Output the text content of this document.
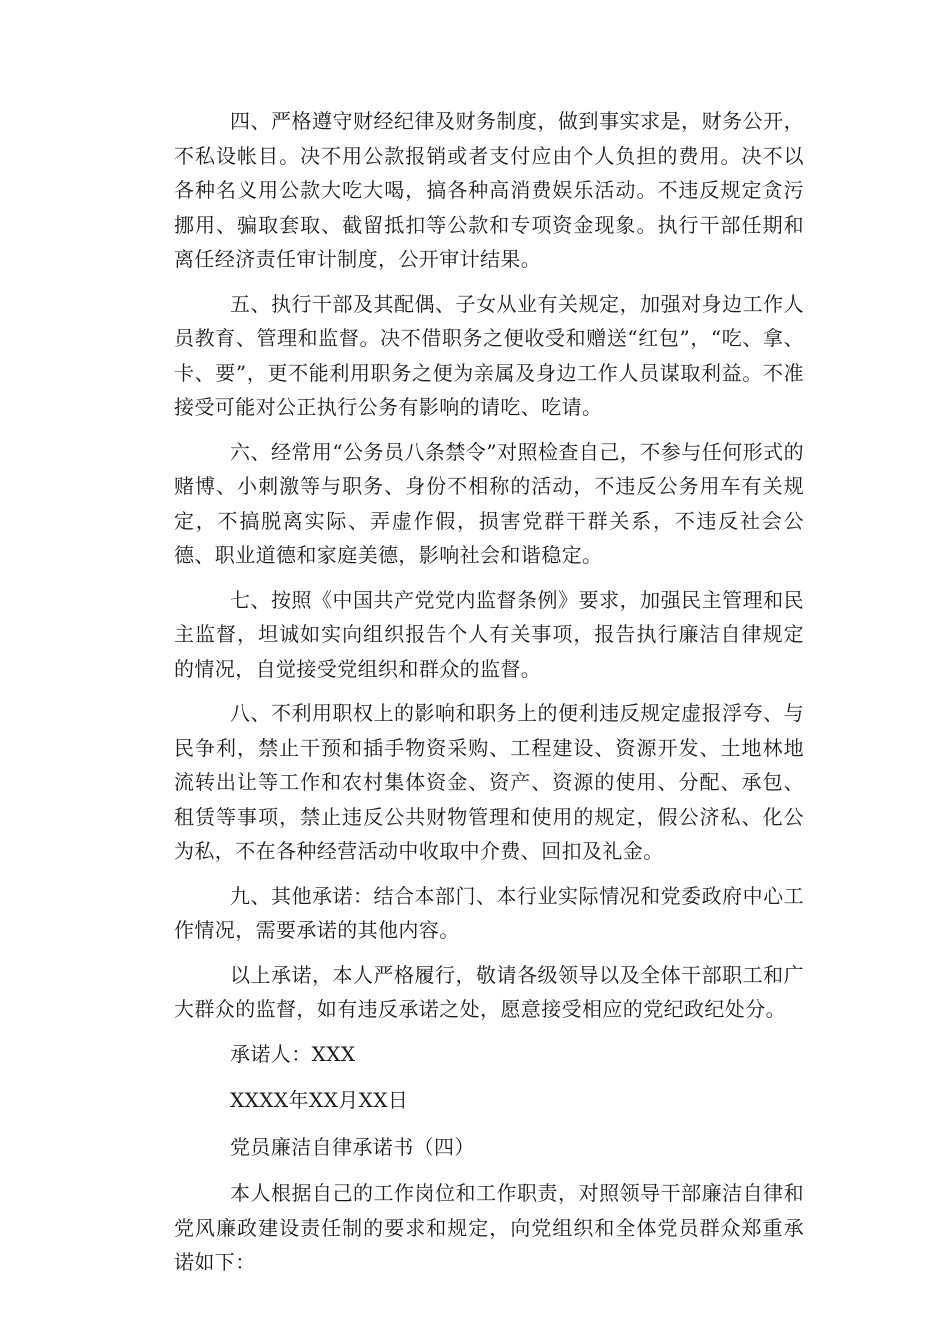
四、严格遵守财经纪律及财务制度，做到事实求是，财务公开，不私设帐目。决不用公款报销或者支付应由个人负担的费用。决不以各种名义用公款大吃大喝，搞各种高消费娱乐活动。不违反规定贪污挪用、骗取套取、截留抵扣等公款和专项资金现象。执行干部任期和离任经济责任审计制度，公开审计结果。

五、执行干部及其配偶、子女从业有关规定，加强对身边工作人员教育、管理和监督。决不借职务之便收受和赠送“红包”，“吃、拿、卡、要”，更不能利用职务之便为亲属及身边工作人员谋取利益。不准接受可能对公正执行公务有影响的请吃、吃请。

六、经常用“公务员八条禁令”对照检查自己，不参与任何形式的赌博、小刺激等与职务、身份不相称的活动，不违反公务用车有关规定，不搞脱离实际、弄虚作假，损害党群干群关系，不违反社会公德、职业道德和家庭美德，影响社会和谐稳定。

七、按照《中国共产党党内监督条例》要求，加强民主管理和民主监督，坦诚如实向组织报告个人有关事项，报告执行廉洁自律规定的情况，自觉接受党组织和群众的监督。

八、不利用职权上的影响和职务上的便利违反规定虚报浮夸、与民争利，禁止干预和插手物资采购、工程建设、资源开发、土地林地流转出让等工作和农村集体资金、资产、资源的使用、分配、承包、租赁等事项，禁止违反公共财物管理和使用的规定，假公济私、化公为私，不在各种经营活动中收取中介费、回扣及礼金。

九、其他承诺：结合本部门、本行业实际情况和党委政府中心工作情况，需要承诺的其他内容。

以上承诺，本人严格履行，敬请各级领导以及全体干部职工和广大群众的监督，如有违反承诺之处，愿意接受相应的党纪政纪处分。

承诺人：XXX

XXXX年XX月XX日

党员廉洁自律承诺书（四）

本人根据自己的工作岗位和工作职责，对照领导干部廉洁自律和党风廉政建设责任制的要求和规定，向党组织和全体党员群众郑重承诺如下：
